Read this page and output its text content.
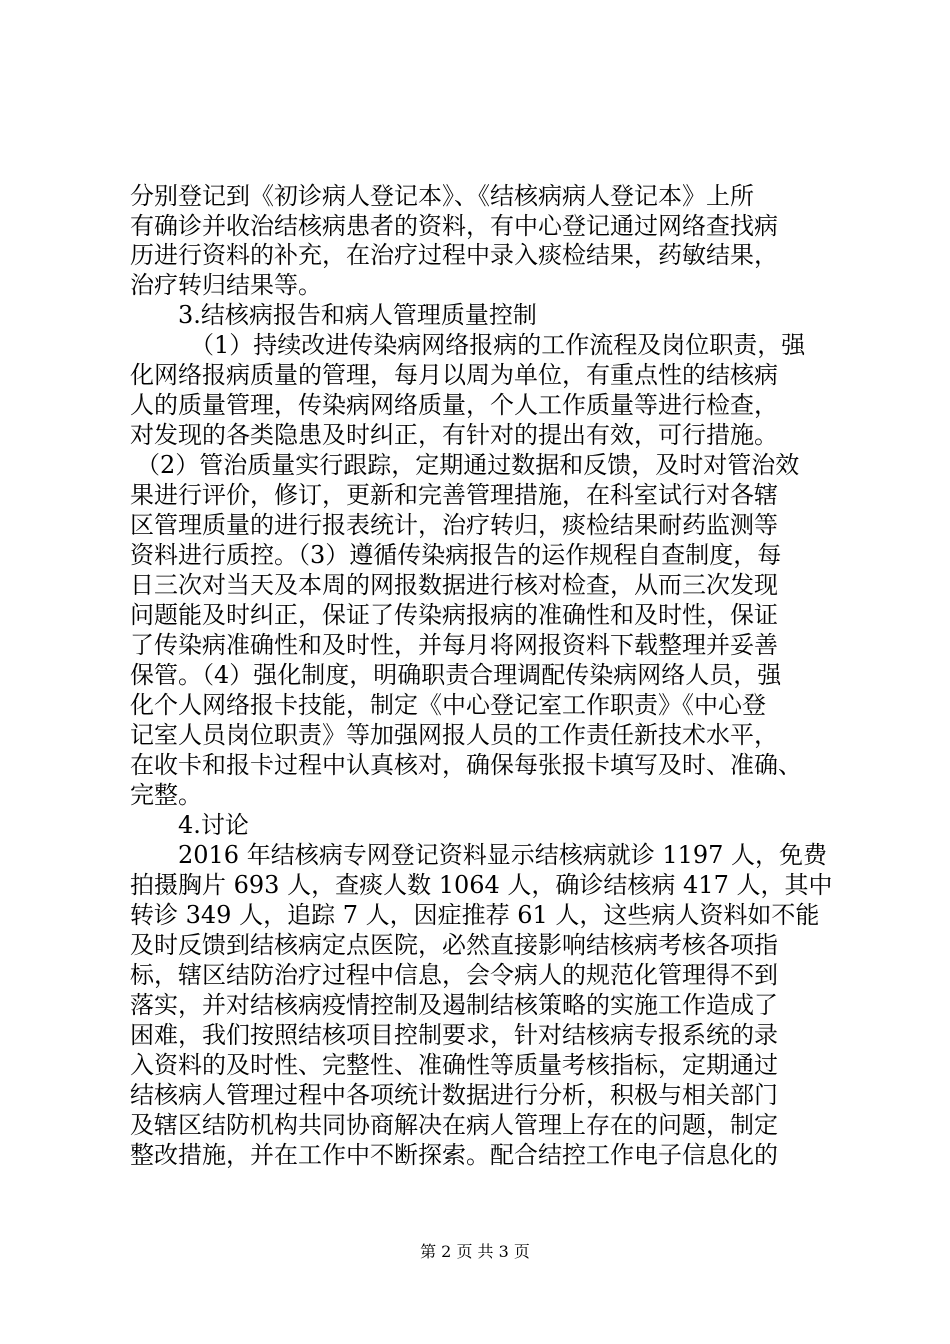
分别登记到《初诊病人登记本》、《结核病病人登记本》上所
有确诊并收治结核病患者的资料，有中心登记通过网络查找病
历进行资料的补充，在治疗过程中录入痰检结果，药敏结果，
治疗转归结果等。
3.结核病报告和病人管理质量控制
（1）持续改进传染病网络报病的工作流程及岗位职责，强
化网络报病质量的管理，每月以周为单位，有重点性的结核病
人的质量管理，传染病网络质量，个人工作质量等进行检查，
对发现的各类隐患及时纠正，有针对的提出有效，可行措施。
（2）管治质量实行跟踪，定期通过数据和反馈，及时对管治效
果进行评价，修订，更新和完善管理措施，在科室试行对各辖
区管理质量的进行报表统计，治疗转归，痰检结果耐药监测等
资料进行质控。（3）遵循传染病报告的运作规程自查制度，每
日三次对当天及本周的网报数据进行核对检查，从而三次发现
问题能及时纠正，保证了传染病报病的准确性和及时性，保证
了传染病准确性和及时性，并每月将网报资料下载整理并妥善
保管。（4）强化制度，明确职责合理调配传染病网络人员，强
化个人网络报卡技能，制定《中心登记室工作职责》《中心登
记室人员岗位职责》等加强网报人员的工作责任新技术水平，
在收卡和报卡过程中认真核对，确保每张报卡填写及时、准确、
完整。
4.讨论
2016 年结核病专网登记资料显示结核病就诊 1197 人，免费
拍摄胸片 693 人，查痰人数 1064 人，确诊结核病 417 人，其中
转诊 349 人，追踪 7 人，因症推荐 61 人，这些病人资料如不能
及时反馈到结核病定点医院，必然直接影响结核病考核各项指
标，辖区结防治疗过程中信息，会令病人的规范化管理得不到
落实，并对结核病疫情控制及遏制结核策略的实施工作造成了
困难，我们按照结核项目控制要求，针对结核病专报系统的录
入资料的及时性、完整性、准确性等质量考核指标，定期通过
结核病人管理过程中各项统计数据进行分析，积极与相关部门
及辖区结防机构共同协商解决在病人管理上存在的问题，制定
整改措施，并在工作中不断探索。配合结控工作电子信息化的
第 2 页 共 3 页
